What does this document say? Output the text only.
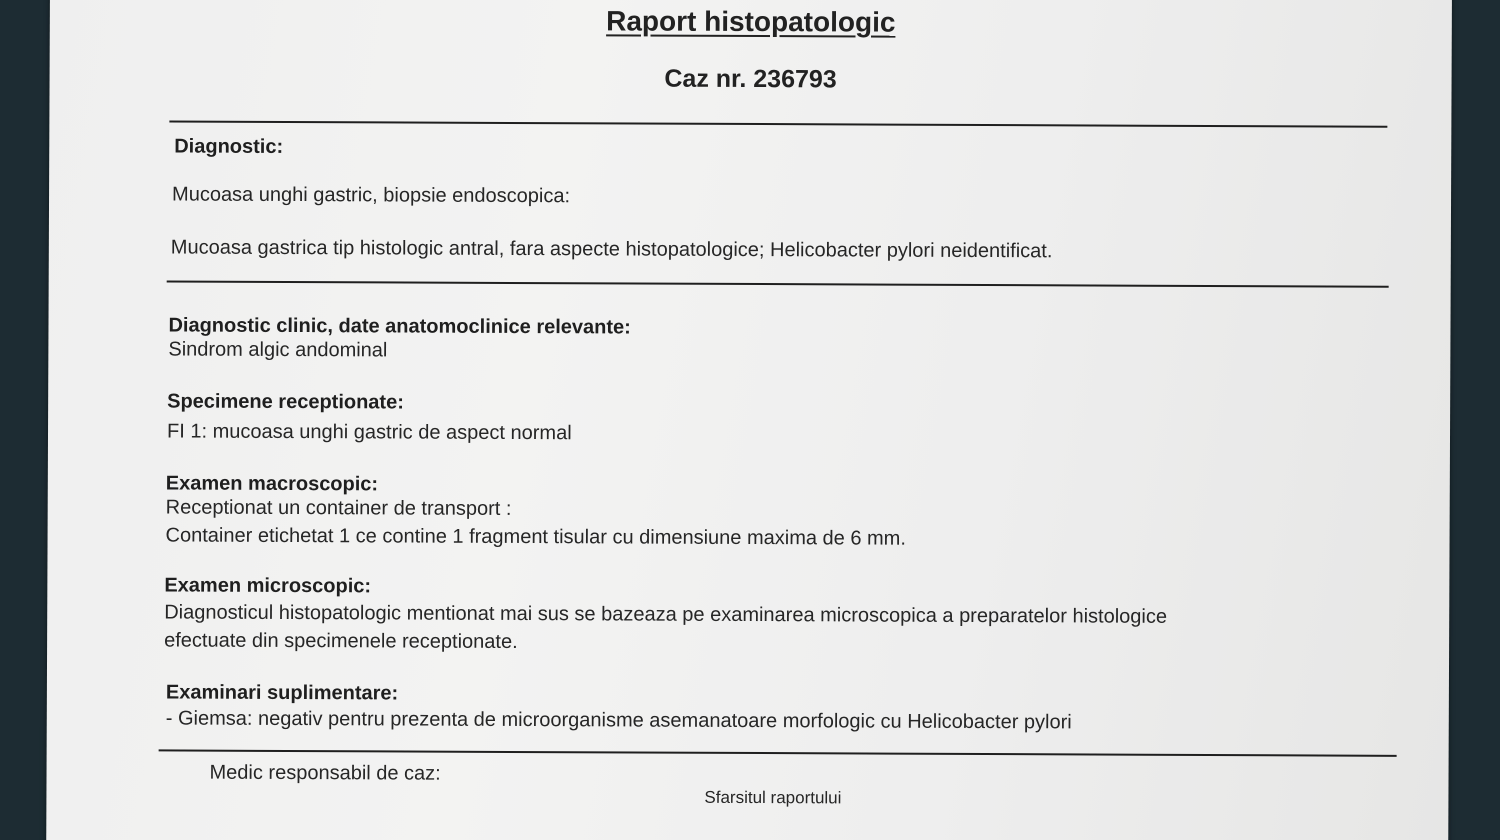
Raport histopatologic
Caz nr. 236793
Diagnostic:
Mucoasa unghi gastric, biopsie endoscopica:
Mucoasa gastrica tip histologic antral, fara aspecte histopatologice; Helicobacter pylori neidentificat.
Diagnostic clinic, date anatomoclinice relevante:
Sindrom algic andominal
Specimene receptionate:
FI 1: mucoasa unghi gastric de aspect normal
Examen macroscopic:
Receptionat un container de transport :
Container etichetat 1 ce contine 1 fragment tisular cu dimensiune maxima de 6 mm.
Examen microscopic:
Diagnosticul histopatologic mentionat mai sus se bazeaza pe examinarea microscopica a preparatelor histologice
efectuate din specimenele receptionate.
Examinari suplimentare:
- Giemsa: negativ pentru prezenta de microorganisme asemanatoare morfologic cu Helicobacter pylori
Medic responsabil de caz:
Sfarsitul raportului
